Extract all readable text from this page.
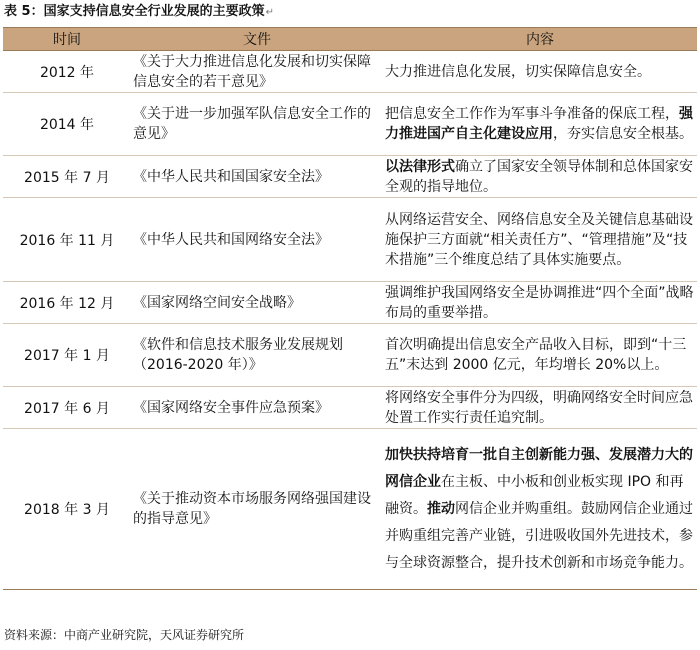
表 5：国家支持信息安全行业发展的主要政策↵
时间	文件	内容
2012 年	《关于大力推进信息化发展和切实保障信息安全的若干意见》	大力推进信息化发展，切实保障信息安全。
2014 年	《关于进一步加强军队信息安全工作的意见》	把信息安全工作作为军事斗争准备的保底工程，强力推进国产自主化建设应用，夯实信息安全根基。
2015 年 7 月	《中华人民共和国国家安全法》	以法律形式确立了国家安全领导体制和总体国家安全观的指导地位。
2016 年 11 月	《中华人民共和国网络安全法》	从网络运营安全、网络信息安全及关键信息基础设施保护三方面就“相关责任方”、“管理措施”及“技术措施”三个维度总结了具体实施要点。
2016 年 12 月	《国家网络空间安全战略》	强调维护我国网络安全是协调推进“四个全面”战略布局的重要举措。
2017 年 1 月	《软件和信息技术服务业发展规划（2016-2020 年）》	首次明确提出信息安全产品收入目标，即到“十三五”末达到 2000 亿元，年均增长 20%以上。
2017 年 6 月	《国家网络安全事件应急预案》	将网络安全事件分为四级，明确网络安全时间应急处置工作实行责任追究制。
2018 年 3 月	《关于推动资本市场服务网络强国建设的指导意见》	加快扶持培育一批自主创新能力强、发展潜力大的网信企业在主板、中小板和创业板实现 IPO 和再融资。推动网信企业并购重组。鼓励网信企业通过并购重组完善产业链，引进吸收国外先进技术，参与全球资源整合，提升技术创新和市场竞争能力。
资料来源：中商产业研究院，天风证券研究所
